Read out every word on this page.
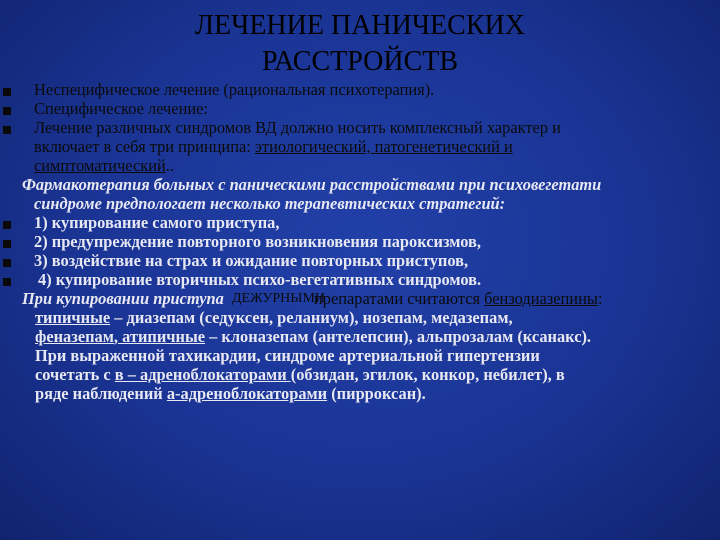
ЛЕЧЕНИЕ ПАНИЧЕСКИХ
РАССТРОЙСТВ
Неспецифическое лечение (рациональная психотерапия).
Специфическое лечение:
Лечение различных синдромов ВД должно носить комплексный характер и
включает в себя три принципа: этиологический, патогенетический и
симптоматический..
Фармакотерапия больных с паническими расстройствами при психовегетати
синдроме предпологает несколько терапевтических стратегий:
1) купирование самого приступа,
2) предупреждение повторного возникновения пароксизмов,
3) воздействие на страх и ожидание повторных приступов,
4) купирование вторичных психо-вегетативных синдромов.
При купировании приступа ДЕЖУРНЫМИ
препаратами считаются бензодиазепины:
типичные – диазепам (седуксен, реланиум), нозепам, медазепам,
феназепам, атипичные – клоназепам (антелепсин), альпрозалам (ксанакс).
При выраженной тахикардии, синдроме артериальной гипертензии
сочетать с в – адреноблокаторами (обзидан, эгилок, конкор, небилет), в
ряде наблюдений а-адреноблокаторами (пирроксан).
